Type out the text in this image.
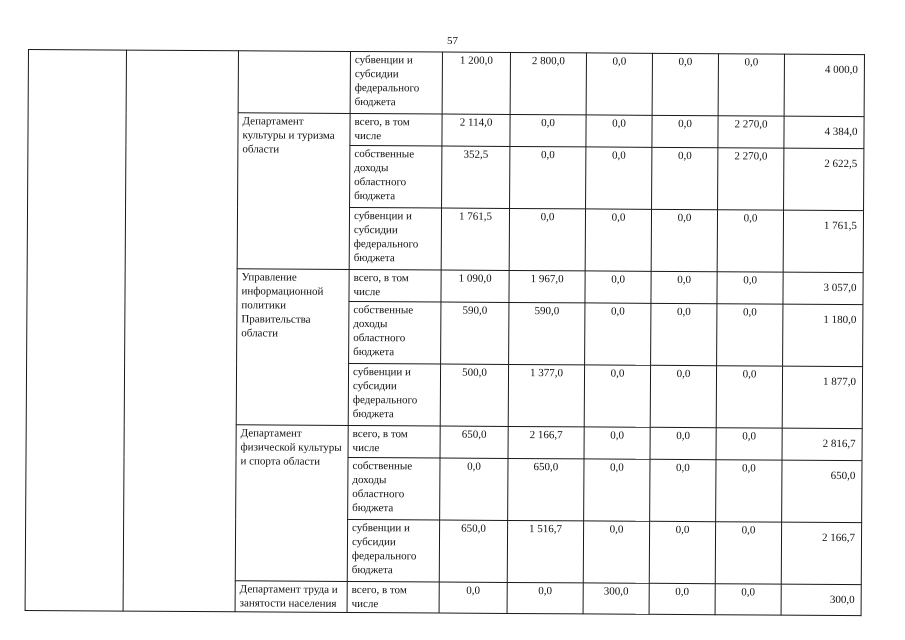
57
			субвенции и субсидии федерального бюджета	1 200,0	2 800,0	0,0	0,0	0,0	4 000,0
		Департамент культуры и туризма области	всего, в том числе	2 114,0	0,0	0,0	0,0	2 270,0	4 384,0
			собственные доходы областного бюджета	352,5	0,0	0,0	0,0	2 270,0	2 622,5
			субвенции и субсидии федерального бюджета	1 761,5	0,0	0,0	0,0	0,0	1 761,5
		Управление информационной политики Правительства области	всего, в том числе	1 090,0	1 967,0	0,0	0,0	0,0	3 057,0
			собственные доходы областного бюджета	590,0	590,0	0,0	0,0	0,0	1 180,0
			субвенции и субсидии федерального бюджета	500,0	1 377,0	0,0	0,0	0,0	1 877,0
		Департамент физической культуры и спорта области	всего, в том числе	650,0	2 166,7	0,0	0,0	0,0	2 816,7
			собственные доходы областного бюджета	0,0	650,0	0,0	0,0	0,0	650,0
			субвенции и субсидии федерального бюджета	650,0	1 516,7	0,0	0,0	0,0	2 166,7
		Департамент труда и занятости населения	всего, в том числе	0,0	0,0	300,0	0,0	0,0	300,0
